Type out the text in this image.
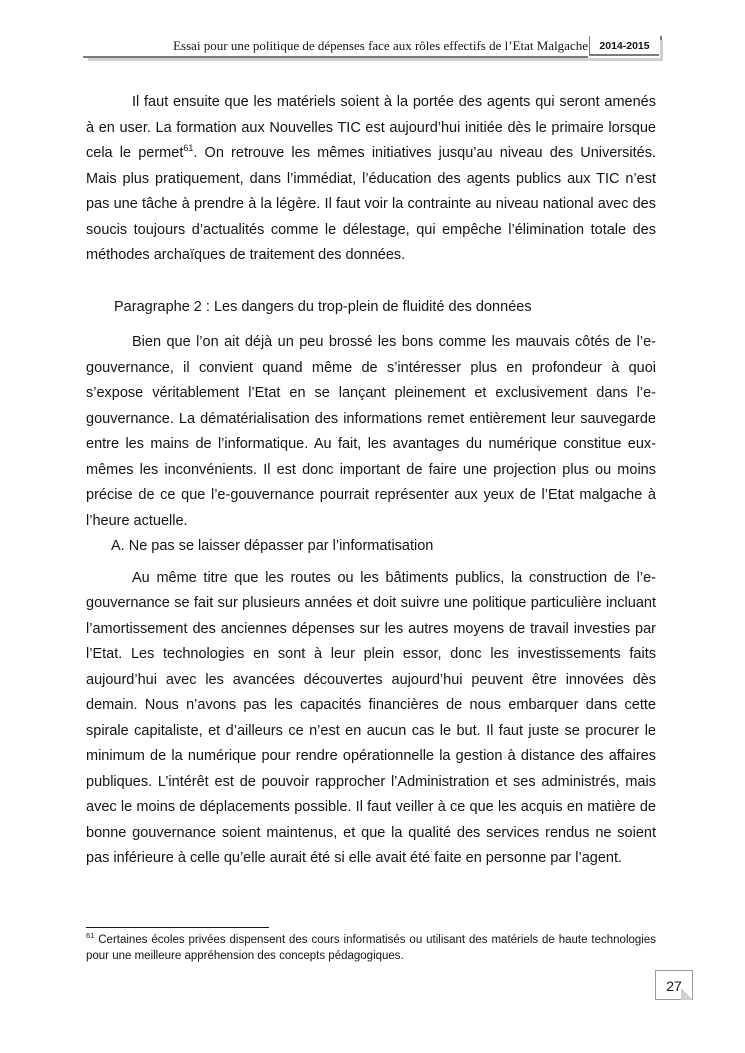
Essai pour une politique de dépenses face aux rôles effectifs de l’Etat Malgache	2014-2015

Il faut ensuite que les matériels soient à la portée des agents qui seront amenés à en user. La formation aux Nouvelles TIC est aujourd’hui initiée dès le primaire lorsque cela le permet$^{61}$. On retrouve les mêmes initiatives jusqu’au niveau des Universités. Mais plus pratiquement, dans l’immédiat, l’éducation des agents publics aux TIC n’est pas une tâche à prendre à la légère. Il faut voir la contrainte au niveau national avec des soucis toujours d’actualités comme le délestage, qui empêche l’élimination totale des méthodes archaïques de traitement des données.

Paragraphe 2 : Les dangers du trop-plein de fluidité des données

Bien que l’on ait déjà un peu brossé les bons comme les mauvais côtés de l’e-gouvernance, il convient quand même de s’intéresser plus en profondeur à quoi s’expose véritablement l’Etat en se lançant pleinement et exclusivement dans l’e-gouvernance. La dématérialisation des informations remet entièrement leur sauvegarde entre les mains de l’informatique. Au fait, les avantages du numérique constitue eux-mêmes les inconvénients. Il est donc important de faire une projection plus ou moins précise de ce que l’e-gouvernance pourrait représenter aux yeux de l’Etat malgache à l’heure actuelle.

A. Ne pas se laisser dépasser par l’informatisation

Au même titre que les routes ou les bâtiments publics, la construction de l’e-gouvernance se fait sur plusieurs années et doit suivre une politique particulière incluant l’amortissement des anciennes dépenses sur les autres moyens de travail investies par l’Etat. Les technologies en sont à leur plein essor, donc les investissements faits aujourd’hui avec les avancées découvertes aujourd’hui peuvent être innovées dès demain. Nous n’avons pas les capacités financières de nous embarquer dans cette spirale capitaliste, et d’ailleurs ce n’est en aucun cas le but. Il faut juste se procurer le minimum de la numérique pour rendre opérationnelle la gestion à distance des affaires publiques. L’intérêt est de pouvoir rapprocher l’Administration et ses administrés, mais avec le moins de déplacements possible. Il faut veiller à ce que les acquis en matière de bonne gouvernance soient maintenus, et que la qualité des services rendus ne soient pas inférieure à celle qu’elle aurait été si elle avait été faite en personne par l’agent.

$^{61}$ Certaines écoles privées dispensent des cours informatisés ou utilisant des matériels de haute technologies pour une meilleure appréhension des concepts pédagogiques.

27
